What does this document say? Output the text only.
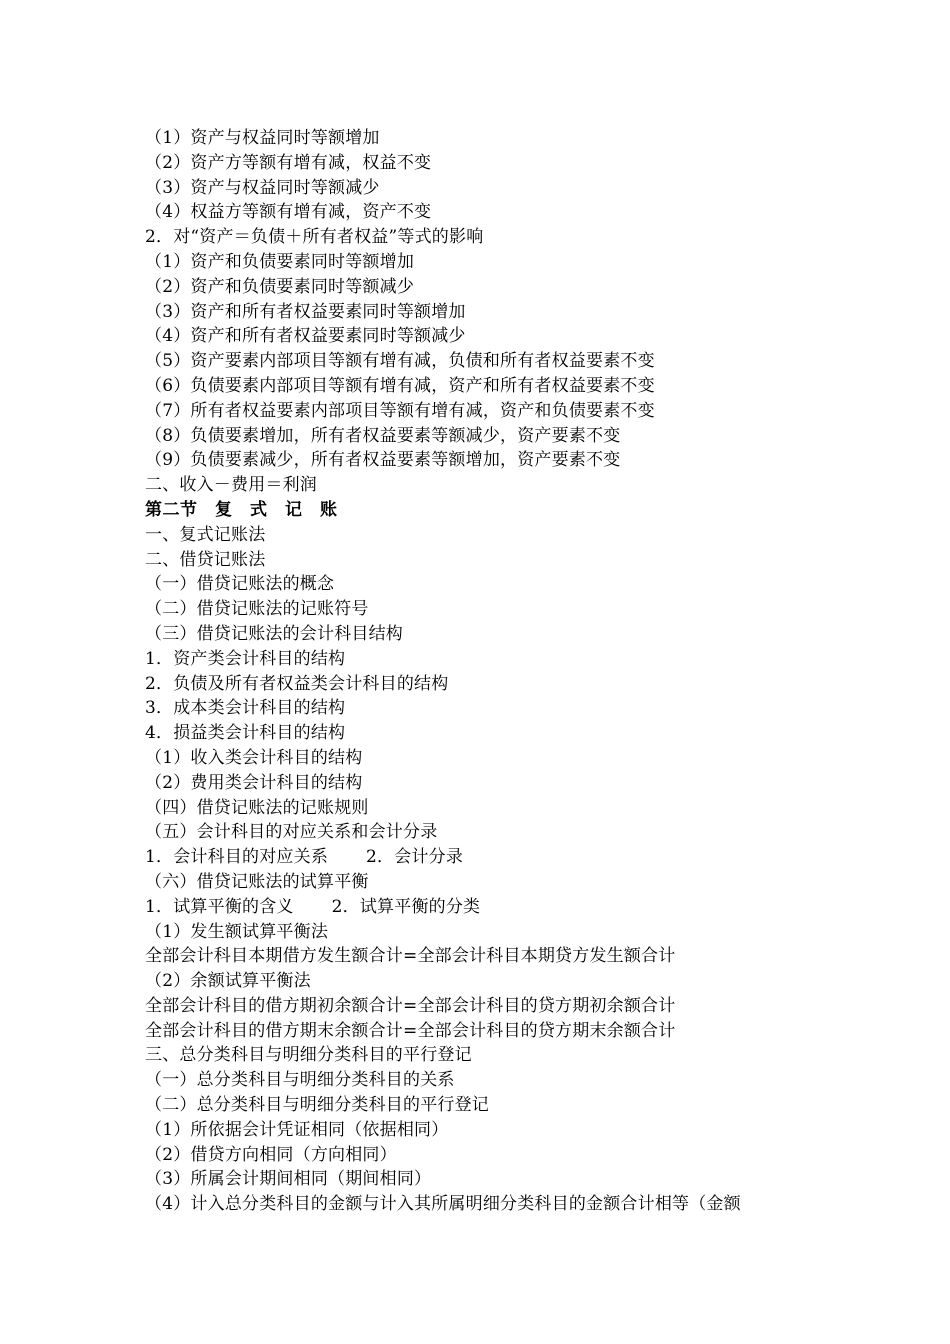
（1）资产与权益同时等额增加
（2）资产方等额有增有减，权益不变
（3）资产与权益同时等额减少
（4）权益方等额有增有减，资产不变
2．对“资产＝负债＋所有者权益”等式的影响
（1）资产和负债要素同时等额增加
（2）资产和负债要素同时等额减少
（3）资产和所有者权益要素同时等额增加
（4）资产和所有者权益要素同时等额减少
（5）资产要素内部项目等额有增有减，负债和所有者权益要素不变
（6）负债要素内部项目等额有增有减，资产和所有者权益要素不变
（7）所有者权益要素内部项目等额有增有减，资产和负债要素不变
（8）负债要素增加，所有者权益要素等额减少，资产要素不变
（9）负债要素减少，所有者权益要素等额增加，资产要素不变
二、收入－费用＝利润
第二节　复　式　记　账
一、复式记账法
二、借贷记账法
（一）借贷记账法的概念
（二）借贷记账法的记账符号
（三）借贷记账法的会计科目结构
1．资产类会计科目的结构
2．负债及所有者权益类会计科目的结构
3．成本类会计科目的结构
4．损益类会计科目的结构
（1）收入类会计科目的结构
（2）费用类会计科目的结构
（四）借贷记账法的记账规则
（五）会计科目的对应关系和会计分录
1．会计科目的对应关系 2．会计分录
（六）借贷记账法的试算平衡
1．试算平衡的含义 2．试算平衡的分类
（1）发生额试算平衡法
全部会计科目本期借方发生额合计=全部会计科目本期贷方发生额合计
（2）余额试算平衡法
全部会计科目的借方期初余额合计=全部会计科目的贷方期初余额合计
全部会计科目的借方期末余额合计=全部会计科目的贷方期末余额合计
三、总分类科目与明细分类科目的平行登记
（一）总分类科目与明细分类科目的关系
（二）总分类科目与明细分类科目的平行登记
（1）所依据会计凭证相同（依据相同）
（2）借贷方向相同（方向相同）
（3）所属会计期间相同（期间相同）
（4）计入总分类科目的金额与计入其所属明细分类科目的金额合计相等（金额
